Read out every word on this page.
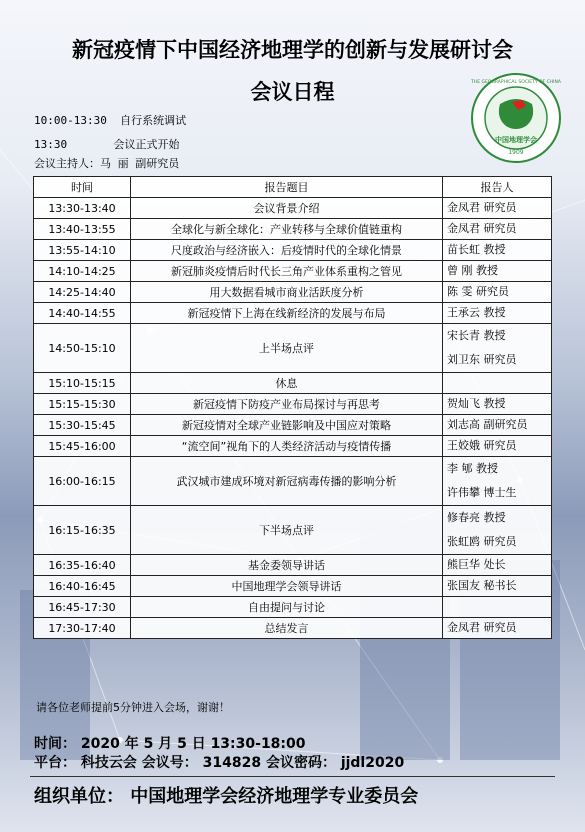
新冠疫情下中国经济地理学的创新与发展研讨会
会议日程
中国地理学会
1909
THE GEOGRAPHICAL SOCIETY OF CHINA
10:00-13:30  自行系统调试
13:30       会议正式开始
会议主持人：马 丽 副研究员
时间	报告题目	报告人
13:30-13:40	会议背景介绍	金凤君 研究员

13:40-13:55	全球化与新全球化：产业转移与全球价值链重构	金凤君 研究员

13:55-14:10	尺度政治与经济嵌入：后疫情时代的全球化情景	苗长虹 教授

14:10-14:25	新冠肺炎疫情后时代长三角产业体系重构之管见	曾 刚 教授

14:25-14:40	用大数据看城市商业活跃度分析	陈 雯 研究员

14:40-14:55	新冠疫情下上海在线新经济的发展与布局	王承云 教授

14:50-15:10	上半场点评	宋长青 教授
刘卫东 研究员

15:10-15:15	休息	

15:15-15:30	新冠疫情下防疫产业布局探讨与再思考	贺灿飞 教授

15:30-15:45	新冠疫情对全球产业链影响及中国应对策略	刘志高 副研究员

15:45-16:00	“流空间”视角下的人类经济活动与疫情传播	王姣娥 研究员

16:00-16:15	武汉城市建成环境对新冠病毒传播的影响分析	李 郇 教授
许伟攀 博士生

16:15-16:35	下半场点评	修春亮 教授
张虹鸥 研究员

16:35-16:40	基金委领导讲话	熊巨华 处长

16:40-16:45	中国地理学会领导讲话	张国友 秘书长

16:45-17:30	自由提问与讨论	

17:30-17:40	总结发言	金凤君 研究员
请各位老师提前5分钟进入会场，谢谢！
时间： 2020 年 5 月 5 日 13:30-18:00
平台： 科技云会 会议号： 314828 会议密码： jjdl2020
组织单位： 中国地理学会经济地理学专业委员会
